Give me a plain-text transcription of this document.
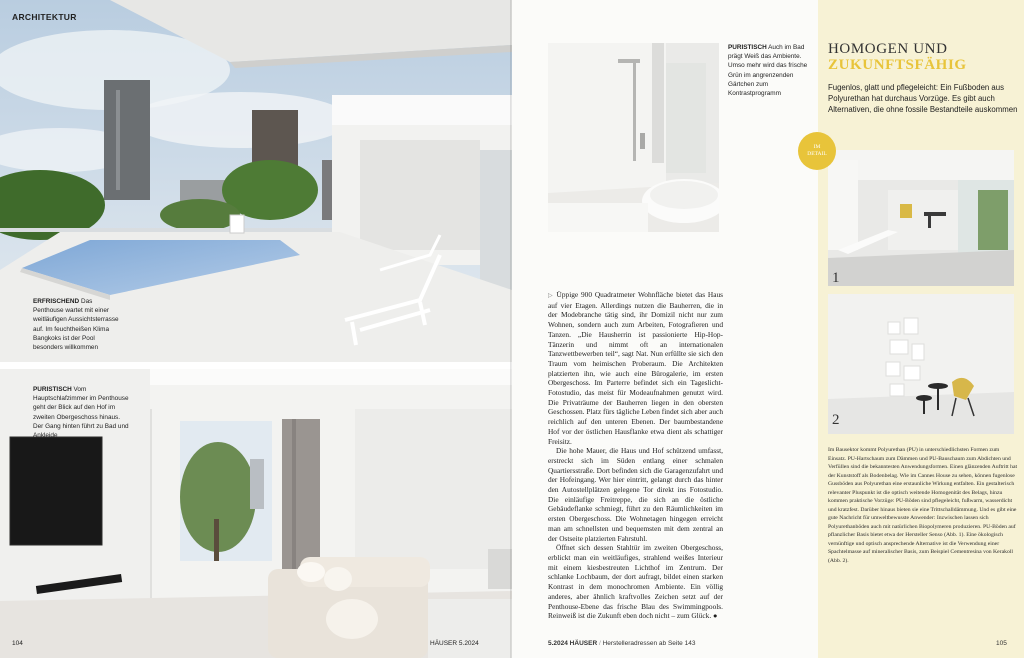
ARCHITEKTUR
ERFRISCHEND Das Penthouse wartet mit einer weitläufigen Aussichtsterrasse auf. Im feuchtheißen Klima Bangkoks ist der Pool besonders willkommen
PURISTISCH Vom Hauptschlafzimmer im Penthouse geht der Blick auf den Hof im zweiten Obergeschoss hinaus. Der Gang hinten führt zu Bad und Ankleide
104	HÄUSER 5.2024
PURISTISCH Auch im Bad prägt Weiß das Ambiente. Umso mehr wird das frische Grün im angrenzenden Gärtchen zum Kontrastprogramm

▷ Üppige 900 Quadratmeter Wohnfläche bietet das Haus auf vier Etagen. Allerdings nutzen die Bauherren, die in der Modebranche tätig sind, ihr Domizil nicht nur zum Wohnen, sondern auch zum Arbeiten, Fotografieren und Tanzen. „Die Hausherrin ist passionierte Hip-Hop-Tänzerin und nimmt oft an internationalen Tanzwettbewerben teil“, sagt Nat. Nun erfüllte sie sich den Traum vom heimischen Proberaum. Die Architekten platzierten ihn, wie auch eine Bürogalerie, im ersten Obergeschoss. Im Parterre befindet sich ein Tageslicht-Fotostudio, das meist für Modeaufnahmen genutzt wird. Die Privaträume der Bauherren liegen in den obersten Geschossen. Platz fürs tägliche Leben findet sich aber auch reichlich auf den unteren Ebenen. Der baumbestandene Hof vor der östlichen Hausflanke etwa dient als schattiger Freisitz.

Die hohe Mauer, die Haus und Hof schützend umfasst, erstreckt sich im Süden entlang einer schmalen Quartiersstraße. Dort befinden sich die Garagenzufahrt und der Hofeingang. Wer hier eintritt, gelangt durch das hinter den Autostellplätzen gelegene Tor direkt ins Fotostudio. Die einläufige Freitreppe, die sich an die östliche Gebäudeflanke schmiegt, führt zu den Räumlichkeiten im ersten Obergeschoss. Die Wohnetagen hingegen erreicht man am schnellsten und bequemsten mit dem zentral an der Ostseite platzierten Fahrstuhl.

Öffnet sich dessen Stahltür im zweiten Obergeschoss, erblickt man ein weitläufiges, strahlend weißes Interieur mit einem kiesbestreuten Lichthof im Zentrum. Der schlanke Lochbaum, der dort aufragt, bildet einen starken Kontrast in dem monochromen Ambiente. Ein völlig anderes, aber ähnlich kraftvolles Zeichen setzt auf der Penthouse-Ebene das frische Blau des Swimmingpools. Reinweiß ist die Zukunft eben doch nicht – zum Glück. ●

5.2024 HÄUSER / Herstelleradressen ab Seite 143
HOMOGEN UND
ZUKUNFTSFÄHIG
Fugenlos, glatt und pflegeleicht: Ein Fußboden aus Polyurethan hat durchaus Vorzüge. Es gibt auch Alternativen, die ohne fossile Bestandteile auskommen
1
2
Im Bausektor kommt Polyurethan (PU) in unterschiedlichsten Formen zum Einsatz. PU-Hartschaum zum Dämmen und PU-Bauschaum zum Abdichten und Verfüllen sind die bekanntesten Anwendungsformen. Einen glänzenden Auftritt hat der Kunststoff als Bodenbelag. Wie im Cannes House zu sehen, können fugenlose Gussböden aus Polyurethan eine erstaunliche Wirkung entfalten. Ein gestalterisch relevanter Pluspunkt ist die optisch weitende Homogenität des Belags, hinzu kommen praktische Vorzüge: PU-Böden sind pflegeleicht, fußwarm, wasserdicht und kratzfest. Darüber hinaus bieten sie eine Trittschalldämmung. Und es gibt eine gute Nachricht für umweltbewusste Anwender: Inzwischen lassen sich Polyurethanböden auch mit natürlichen Biopolymeren produzieren. PU-Böden auf pflanzlicher Basis bietet etwa der Hersteller Senso (Abb. 1). Eine ökologisch vernünftige und optisch ansprechende Alternative ist die Verwendung einer Spachtelmasse auf mineralischer Basis, zum Beispiel Cementresina von Kerakoll (Abb. 2).
105
IM
DETAIL
